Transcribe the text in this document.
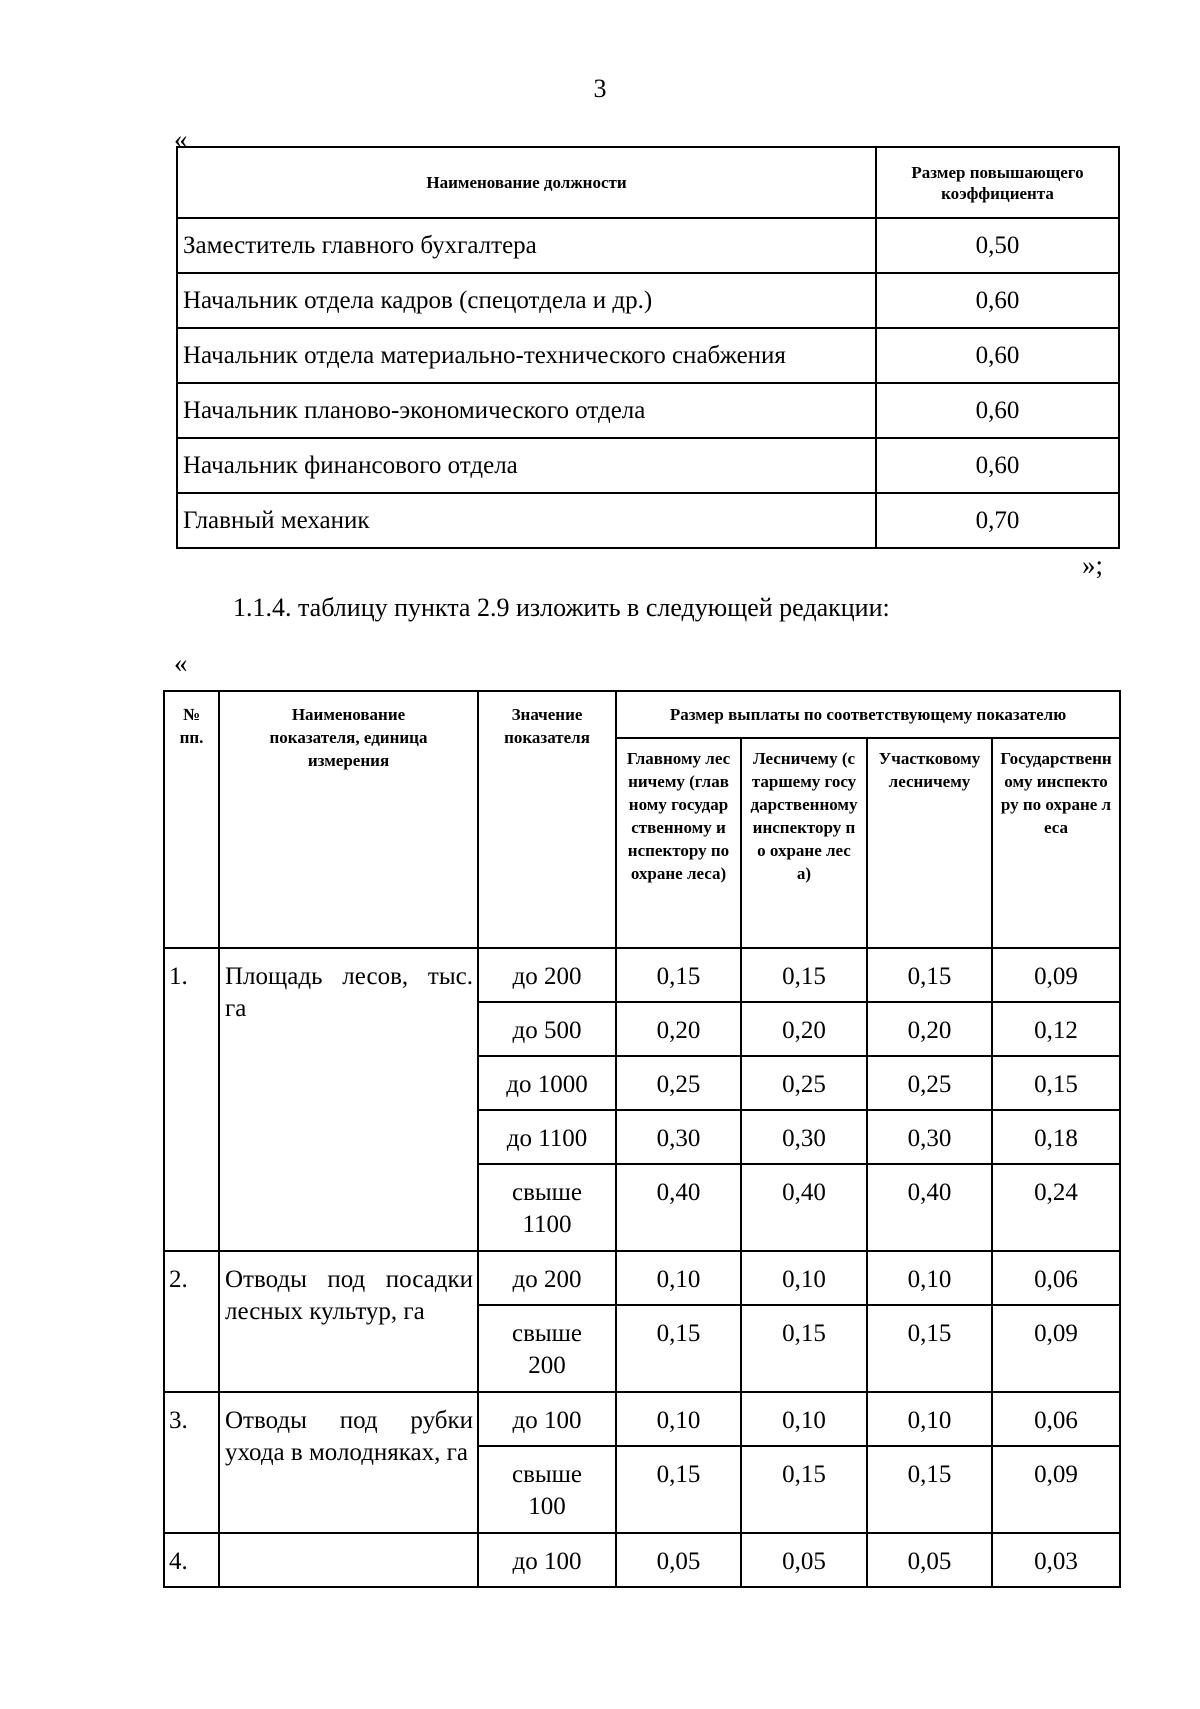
3
«
Наименование должности	Размер повышающего коэффициента

Заместитель главного бухгалтера	0,50
Начальник отдела кадров (спецотдела и др.)	0,60
Начальник отдела материально-технического снабжения	0,60
Начальник планово-экономического отдела	0,60
Начальник финансового отдела	0,60
Главный механик	0,70
»;
1.1.4. таблицу пункта 2.9 изложить в следующей редакции:
«
№ пп.	Наименование показателя, единица измерения	Значение показателя	Размер выплаты по соответствующему показателю			

			Главному лесничему (главному государственному инспектору по охране леса)	Лесничему (старшему государственному инспектору по охране леса)	Участковому лесничему	Государственному инспектору по охране леса

1.	Площадь лесов, тыс. га	до 200	0,15	0,15	0,15	0,09
		до 500	0,20	0,20	0,20	0,12
		до 1000	0,25	0,25	0,25	0,15
		до 1100	0,30	0,30	0,30	0,18

		свыше 1100	0,40	0,40	0,40	0,24
2.	Отводы под посадки лесных культур, га	до 200	0,10	0,10	0,10	0,06

		свыше 200	0,15	0,15	0,15	0,09
3.	Отводы под рубки ухода в молодняках, га	до 100	0,10	0,10	0,10	0,06

		свыше 100	0,15	0,15	0,15	0,09
4.		до 100	0,05	0,05	0,05	0,03
